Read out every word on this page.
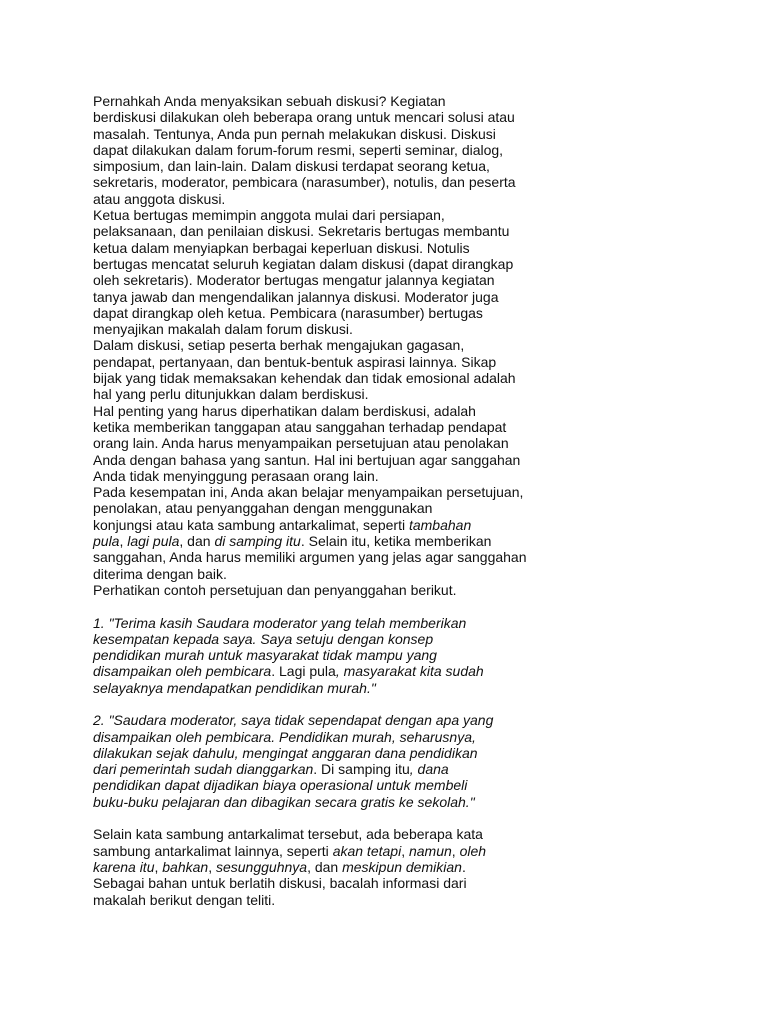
Pernahkah Anda menyaksikan sebuah diskusi? Kegiatan
berdiskusi dilakukan oleh beberapa orang untuk mencari solusi atau
masalah. Tentunya, Anda pun pernah melakukan diskusi. Diskusi
dapat dilakukan dalam forum-forum resmi, seperti seminar, dialog,
simposium, dan lain-lain. Dalam diskusi terdapat seorang ketua,
sekretaris, moderator, pembicara (narasumber), notulis, dan peserta
atau anggota diskusi.
Ketua bertugas memimpin anggota mulai dari persiapan,
pelaksanaan, dan penilaian diskusi. Sekretaris bertugas membantu
ketua dalam menyiapkan berbagai keperluan diskusi. Notulis
bertugas mencatat seluruh kegiatan dalam diskusi (dapat dirangkap
oleh sekretaris). Moderator bertugas mengatur jalannya kegiatan
tanya jawab dan mengendalikan jalannya diskusi. Moderator juga
dapat dirangkap oleh ketua. Pembicara (narasumber) bertugas
menyajikan makalah dalam forum diskusi.
Dalam diskusi, setiap peserta berhak mengajukan gagasan,
pendapat, pertanyaan, dan bentuk-bentuk aspirasi lainnya. Sikap
bijak yang tidak memaksakan kehendak dan tidak emosional adalah
hal yang perlu ditunjukkan dalam berdiskusi.
Hal penting yang harus diperhatikan dalam berdiskusi, adalah
ketika memberikan tanggapan atau sanggahan terhadap pendapat
orang lain. Anda harus menyampaikan persetujuan atau penolakan
Anda dengan bahasa yang santun. Hal ini bertujuan agar sanggahan
Anda tidak menyinggung perasaan orang lain.
Pada kesempatan ini, Anda akan belajar menyampaikan persetujuan,
penolakan, atau penyanggahan dengan menggunakan
konjungsi atau kata sambung antarkalimat, seperti tambahan
pula, lagi pula, dan di samping itu. Selain itu, ketika memberikan
sanggahan, Anda harus memiliki argumen yang jelas agar sanggahan
diterima dengan baik.
Perhatikan contoh persetujuan dan penyanggahan berikut.
1. "Terima kasih Saudara moderator yang telah memberikan
kesempatan kepada saya. Saya setuju dengan konsep
pendidikan murah untuk masyarakat tidak mampu yang
disampaikan oleh pembicara. Lagi pula, masyarakat kita sudah
selayaknya mendapatkan pendidikan murah."
2. "Saudara moderator, saya tidak sependapat dengan apa yang
disampaikan oleh pembicara. Pendidikan murah, seharusnya,
dilakukan sejak dahulu, mengingat anggaran dana pendidikan
dari pemerintah sudah dianggarkan. Di samping itu, dana
pendidikan dapat dijadikan biaya operasional untuk membeli
buku-buku pelajaran dan dibagikan secara gratis ke sekolah."
Selain kata sambung antarkalimat tersebut, ada beberapa kata
sambung antarkalimat lainnya, seperti akan tetapi, namun, oleh
karena itu, bahkan, sesungguhnya, dan meskipun demikian.
Sebagai bahan untuk berlatih diskusi, bacalah informasi dari
makalah berikut dengan teliti.
